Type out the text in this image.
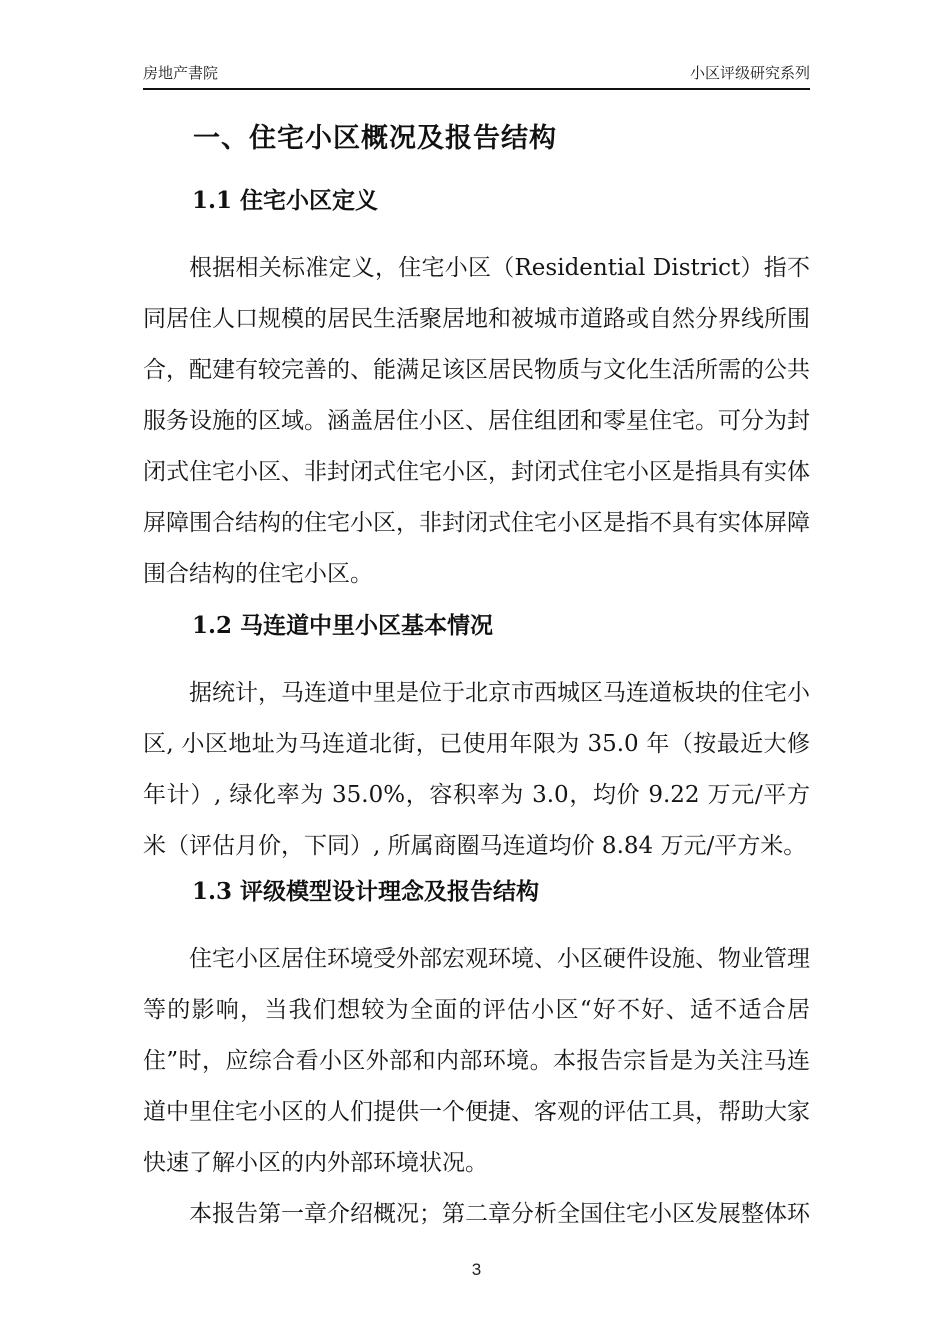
房地产書院	小区评级研究系列
一、住宅小区概况及报告结构
1.1 住宅小区定义

根据相关标准定义，住宅小区（Residential District）指不同居住人口规模的居民生活聚居地和被城市道路或自然分界线所围合，配建有较完善的、能满足该区居民物质与文化生活所需的公共服务设施的区域。涵盖居住小区、居住组团和零星住宅。可分为封闭式住宅小区、非封闭式住宅小区，封闭式住宅小区是指具有实体屏障围合结构的住宅小区，非封闭式住宅小区是指不具有实体屏障围合结构的住宅小区。

1.2 马连道中里小区基本情况

据统计，马连道中里是位于北京市西城区马连道板块的住宅小区, 小区地址为马连道北街，已使用年限为 35.0 年（按最近大修年计）, 绿化率为 35.0%，容积率为 3.0，均价 9.22 万元/平方米（评估月价，下同）, 所属商圈马连道均价 8.84 万元/平方米。

1.3 评级模型设计理念及报告结构

住宅小区居住环境受外部宏观环境、小区硬件设施、物业管理等的影响，当我们想较为全面的评估小区“好不好、适不适合居住”时，应综合看小区外部和内部环境。本报告宗旨是为关注马连道中里住宅小区的人们提供一个便捷、客观的评估工具，帮助大家快速了解小区的内外部环境状况。

本报告第一章介绍概况；第二章分析全国住宅小区发展整体环

3
